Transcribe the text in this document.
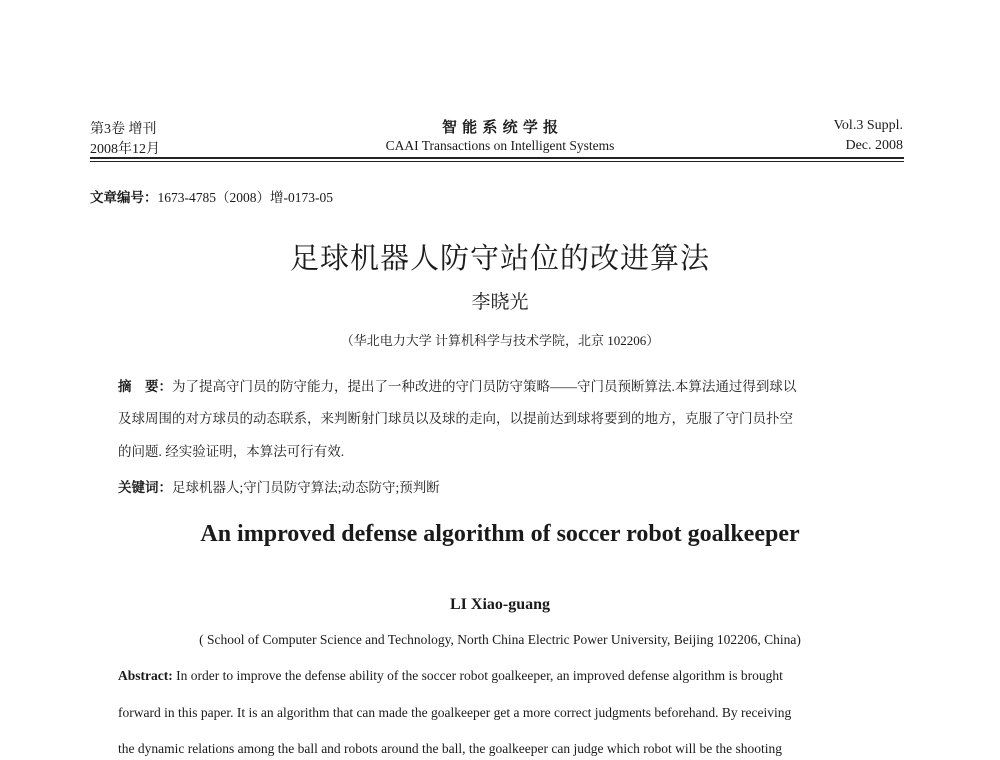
第3卷 增刊
2008年12月
智 能 系 统 学 报
CAAI Transactions on Intelligent Systems
Vol.3 Suppl.
Dec. 2008
文章编号：1673-4785（2008）增-0173-05
足球机器人防守站位的改进算法
李晓光
（华北电力大学 计算机科学与技术学院，北京 102206）
摘　要：为了提高守门员的防守能力，提出了一种改进的守门员防守策略——守门员预断算法.本算法通过得到球以
及球周围的对方球员的动态联系，来判断射门球员以及球的走向，以提前达到球将要到的地方，克服了守门员扑空
的问题. 经实验证明，本算法可行有效.
关键词：足球机器人;守门员防守算法;动态防守;预判断
An improved defense algorithm of soccer robot goalkeeper
LI Xiao-guang
( School of Computer Science and Technology, North China Electric Power University, Beijing 102206, China)
Abstract: In order to improve the defense ability of the soccer robot goalkeeper, an improved defense algorithm is brought
forward in this paper. It is an algorithm that can made the goalkeeper get a more correct judgments beforehand. By receiving
the dynamic relations among the ball and robots around the ball, the goalkeeper can judge which robot will be the shooting
